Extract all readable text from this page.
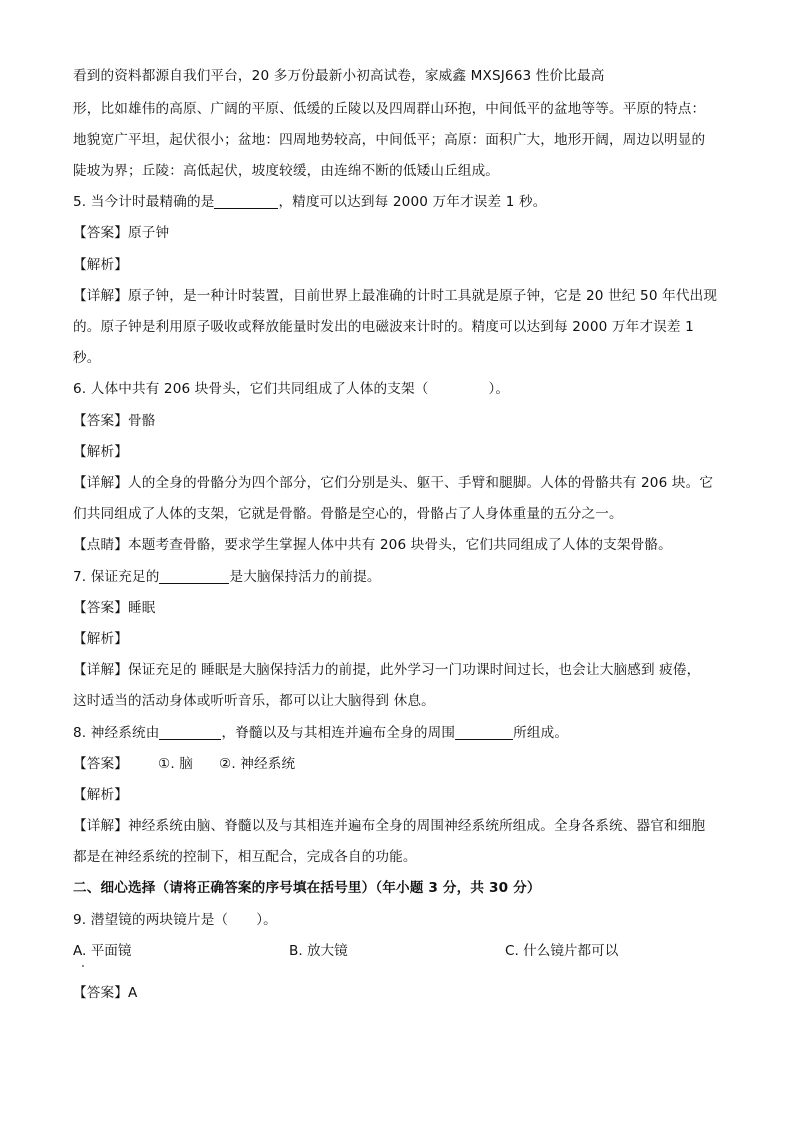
看到的资料都源自我们平台，20 多万份最新小初高试卷，家威鑫 MXSJ663 性价比最高
形，比如雄伟的高原、广阔的平原、低缓的丘陵以及四周群山环抱，中间低平的盆地等等。平原的特点：
地貌宽广平坦，起伏很小；盆地：四周地势较高，中间低平；高原：面积广大，地形开阔，周边以明显的
陡坡为界；丘陵：高低起伏，坡度较缓，由连绵不断的低矮山丘组成。
5. 当今计时最精确的是	，精度可以达到每 2000 万年才误差 1 秒。
【答案】原子钟
【解析】
【详解】原子钟，是一种计时装置，目前世界上最准确的计时工具就是原子钟，它是 20 世纪 50 年代出现
的。原子钟是利用原子吸收或释放能量时发出的电磁波来计时的。精度可以达到每 2000 万年才误差 1
秒。
6. 人体中共有 206 块骨头，它们共同组成了人体的支架（	）。
【答案】骨骼
【解析】
【详解】人的全身的骨骼分为四个部分，它们分别是头、躯干、手臂和腿脚。人体的骨骼共有 206 块。它
们共同组成了人体的支架，它就是骨骼。骨骼是空心的，骨骼占了人身体重量的五分之一。
【点睛】本题考查骨骼，要求学生掌握人体中共有 206 块骨头，它们共同组成了人体的支架骨骼。
7. 保证充足的	是大脑保持活力的前提。
【答案】睡眠
【解析】
【详解】保证充足的 睡眠是大脑保持活力的前提，此外学习一门功课时间过长，也会让大脑感到 疲倦，
这时适当的活动身体或听听音乐，都可以让大脑得到 休息。
8. 神经系统由	，脊髓以及与其相连并遍布全身的周围	所组成。
【答案】 ①. 脑 ②. 神经系统
【解析】
【详解】神经系统由脑、脊髓以及与其相连并遍布全身的周围神经系统所组成。全身各系统、器官和细胞
都是在神经系统的控制下，相互配合，完成各自的功能。
二、细心选择（请将正确答案的序号填在括号里）（年小题 3 分，共 30 分）
9. 潜望镜的两块镜片是（ ）。
A. 平面镜	B. 放大镜	C. 什么镜片都可以
【答案】A
